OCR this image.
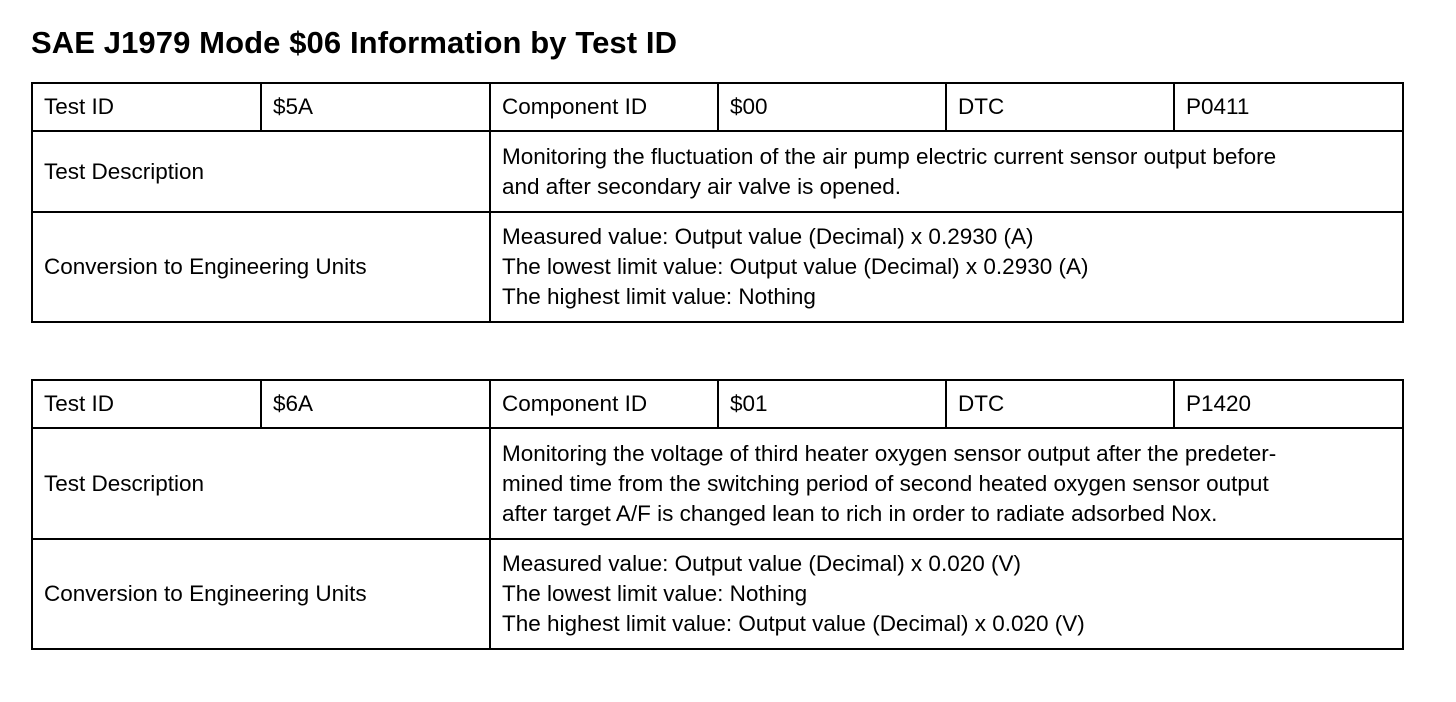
SAE J1979 Mode $06 Information by Test ID
Test ID	$5A	Component ID	$00	DTC	P0411
Test Description		Monitoring the fluctuation of the air pump electric current sensor output before
and after secondary air valve is opened.			
Conversion to Engineering Units		Measured value: Output value (Decimal) x 0.2930 (A)
The lowest limit value: Output value (Decimal) x 0.2930 (A)
The highest limit value: Nothing			
Test ID	$6A	Component ID	$01	DTC	P1420
Test Description		Monitoring the voltage of third heater oxygen sensor output after the predeter-
mined time from the switching period of second heated oxygen sensor output
after target A/F is changed lean to rich in order to radiate adsorbed Nox.			
Conversion to Engineering Units		Measured value: Output value (Decimal) x 0.020 (V)
The lowest limit value: Nothing
The highest limit value: Output value (Decimal) x 0.020 (V)			
